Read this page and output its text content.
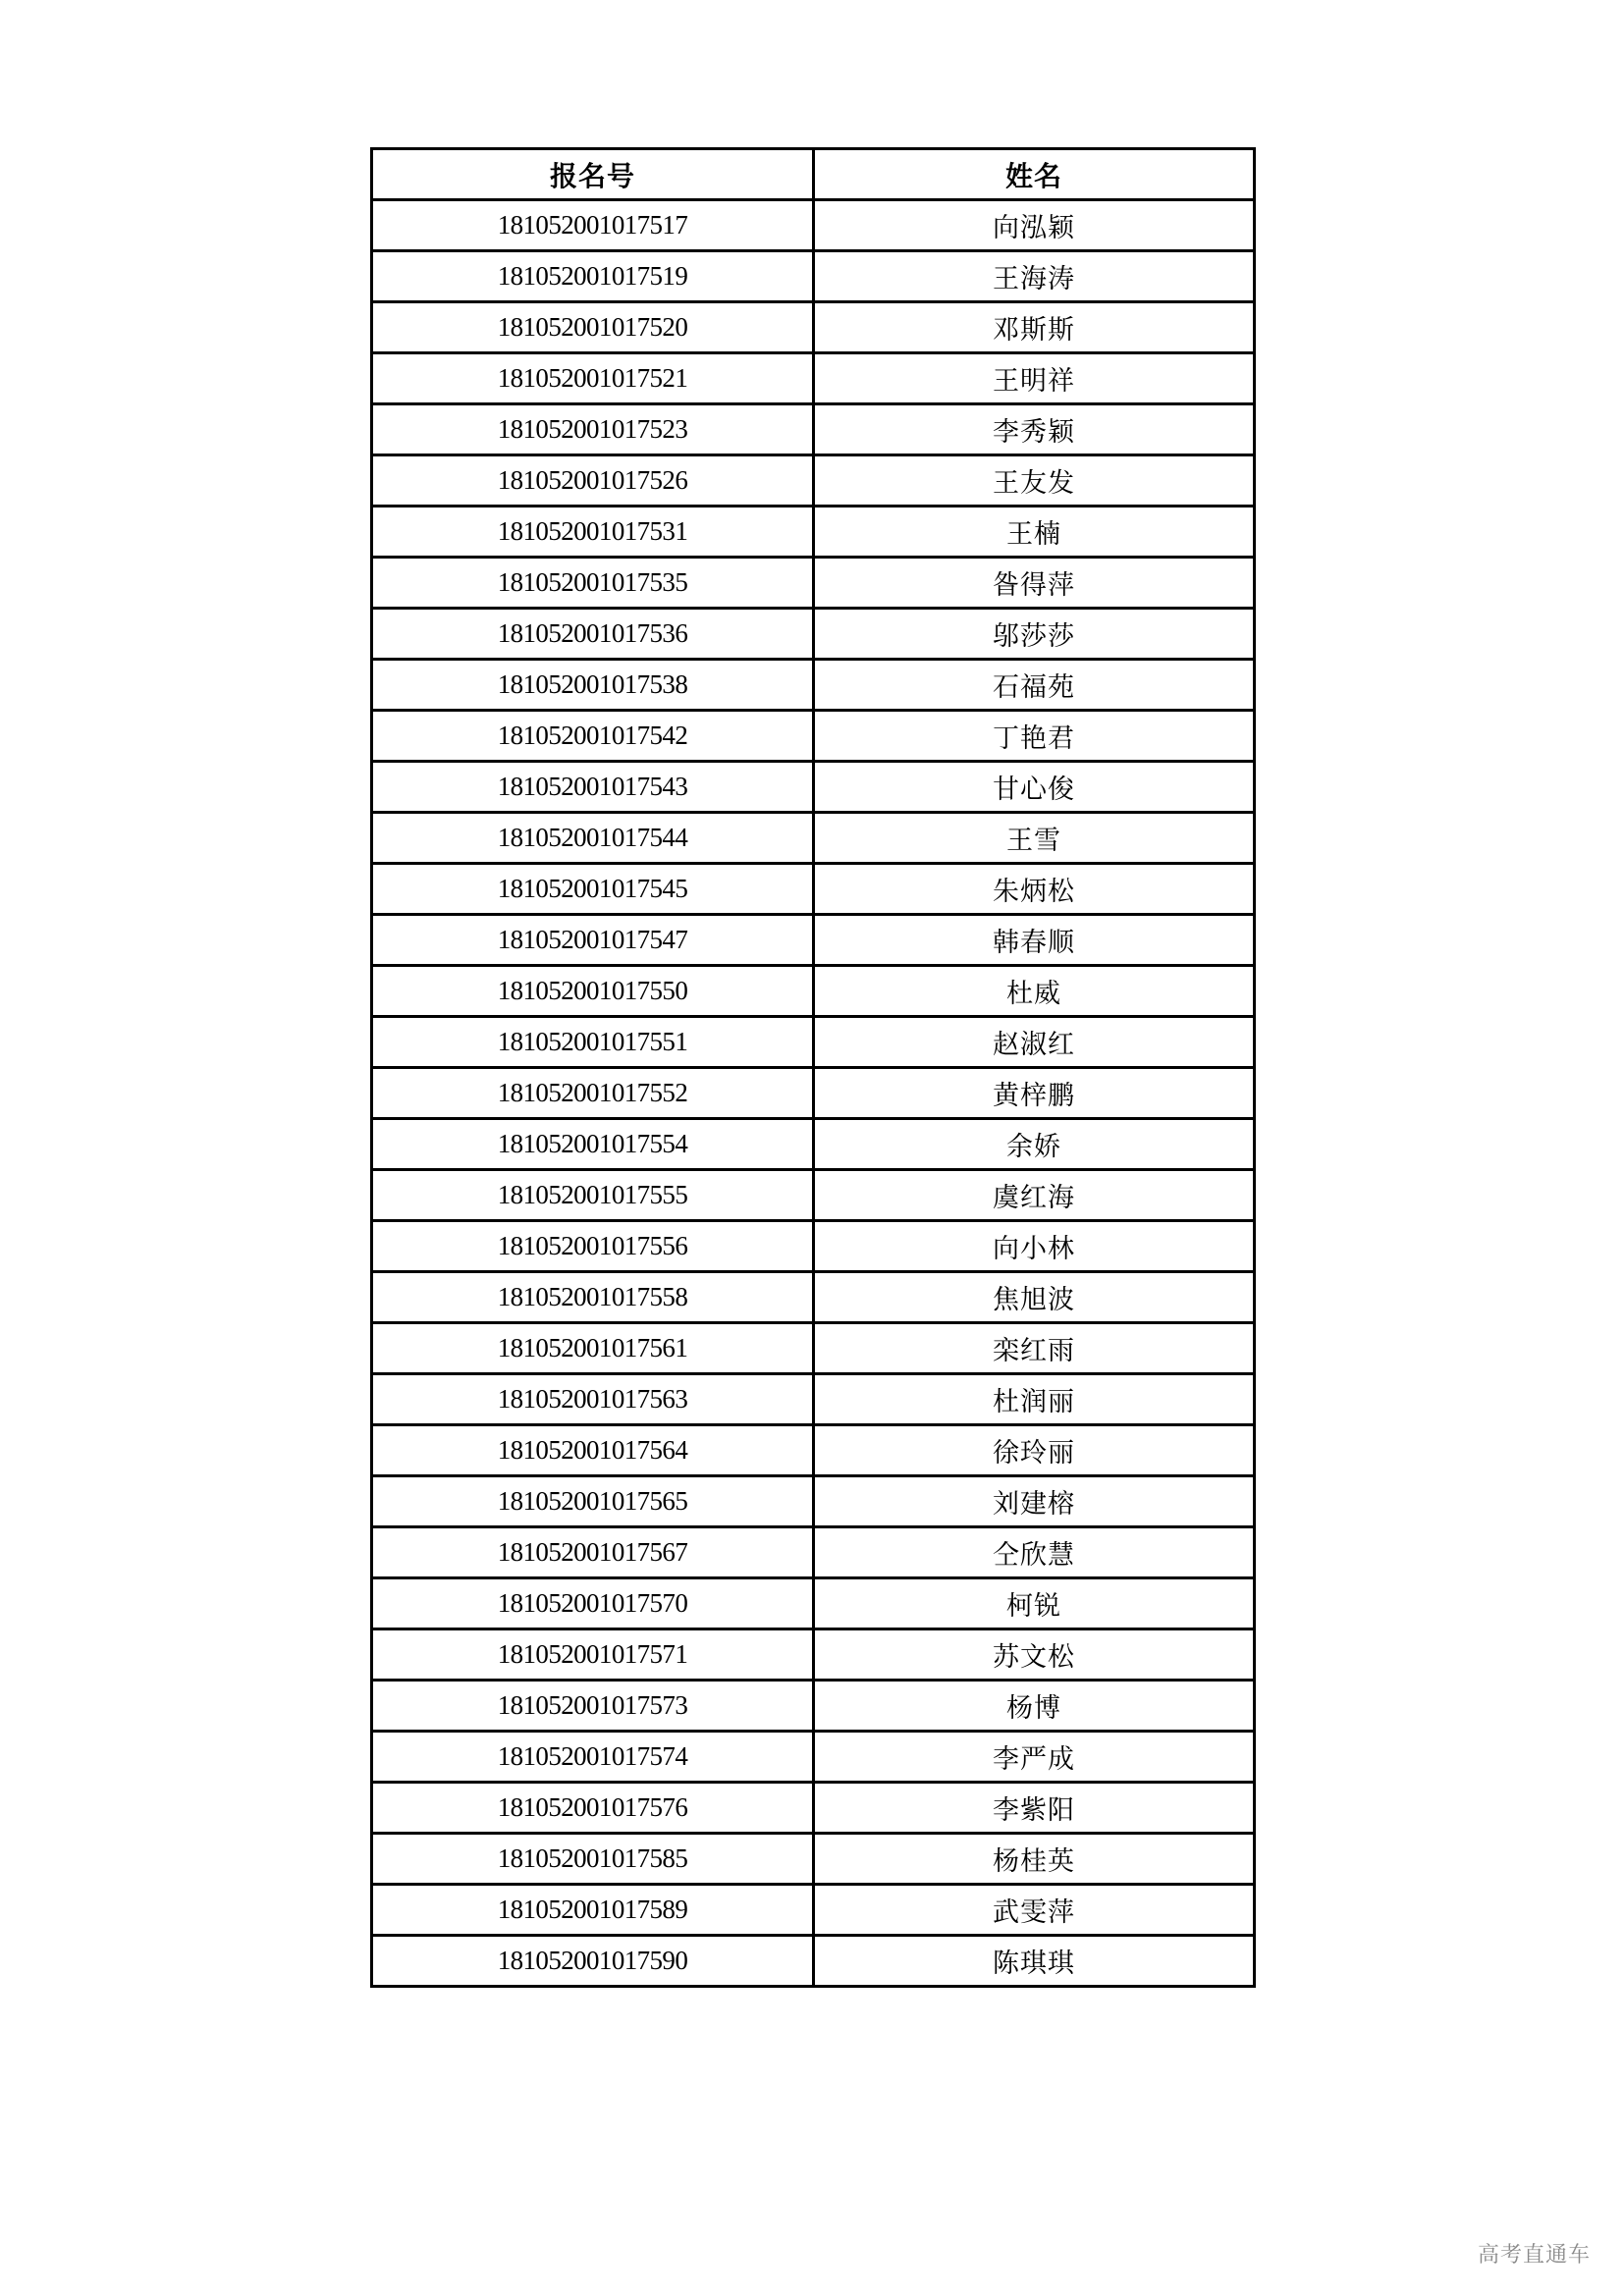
报名号	姓名
181052001017517	向泓颖
181052001017519	王海涛
181052001017520	邓斯斯
181052001017521	王明祥
181052001017523	李秀颖
181052001017526	王友发
181052001017531	王楠
181052001017535	昝得萍
181052001017536	邬莎莎
181052001017538	石福苑
181052001017542	丁艳君
181052001017543	甘心俊
181052001017544	王雪
181052001017545	朱炳松
181052001017547	韩春顺
181052001017550	杜威
181052001017551	赵淑红
181052001017552	黄梓鹏
181052001017554	余娇
181052001017555	虞红海
181052001017556	向小林
181052001017558	焦旭波
181052001017561	栾红雨
181052001017563	杜润丽
181052001017564	徐玲丽
181052001017565	刘建榕
181052001017567	仝欣慧
181052001017570	柯锐
181052001017571	苏文松
181052001017573	杨博
181052001017574	李严成
181052001017576	李紫阳
181052001017585	杨桂英
181052001017589	武雯萍
181052001017590	陈琪琪
高考直通车
